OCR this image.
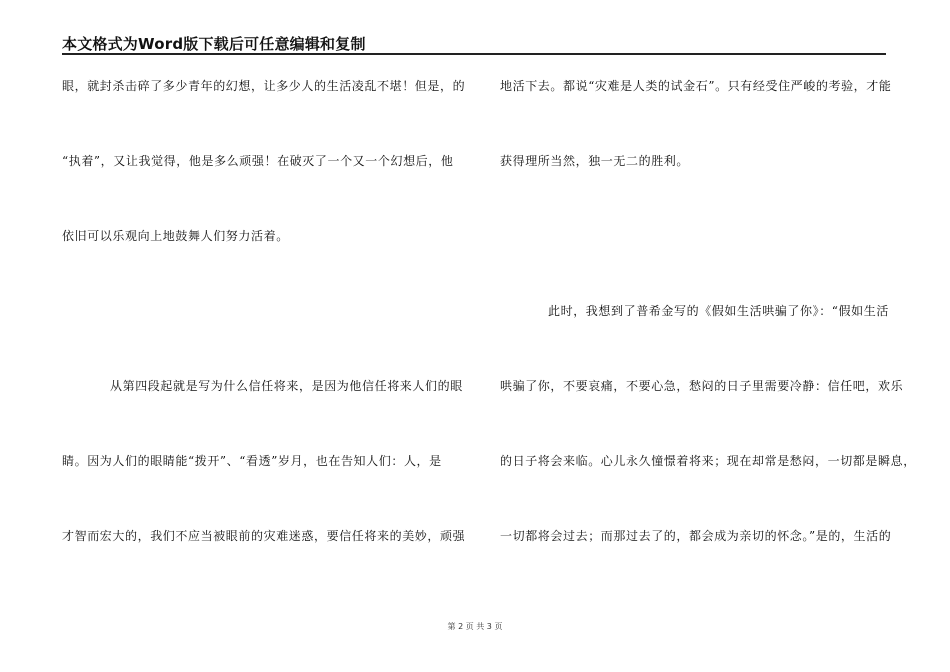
本文格式为Word版下载后可任意编辑和复制
眼，就封杀击碎了多少青年的幻想，让多少人的生活凌乱不堪！但是，的
“执着”，又让我觉得，他是多么顽强！在破灭了一个又一个幻想后，他
依旧可以乐观向上地鼓舞人们努力活着。
从第四段起就是写为什么信任将来，是因为他信任将来人们的眼
睛。因为人们的眼睛能“拨开”、“看透”岁月，也在告知人们：人，是
才智而宏大的，我们不应当被眼前的灾难迷惑，要信任将来的美妙，顽强
地活下去。都说“灾难是人类的试金石”。只有经受住严峻的考验，才能
获得理所当然，独一无二的胜利。
此时，我想到了普希金写的《假如生活哄骗了你》：“假如生活
哄骗了你，不要哀痛，不要心急，愁闷的日子里需要冷静：信任吧，欢乐
的日子将会来临。心儿永久憧憬着将来；现在却常是愁闷，一切都是瞬息，
一切都将会过去；而那过去了的，都会成为亲切的怀念。”是的，生活的
第 2 页 共 3 页
